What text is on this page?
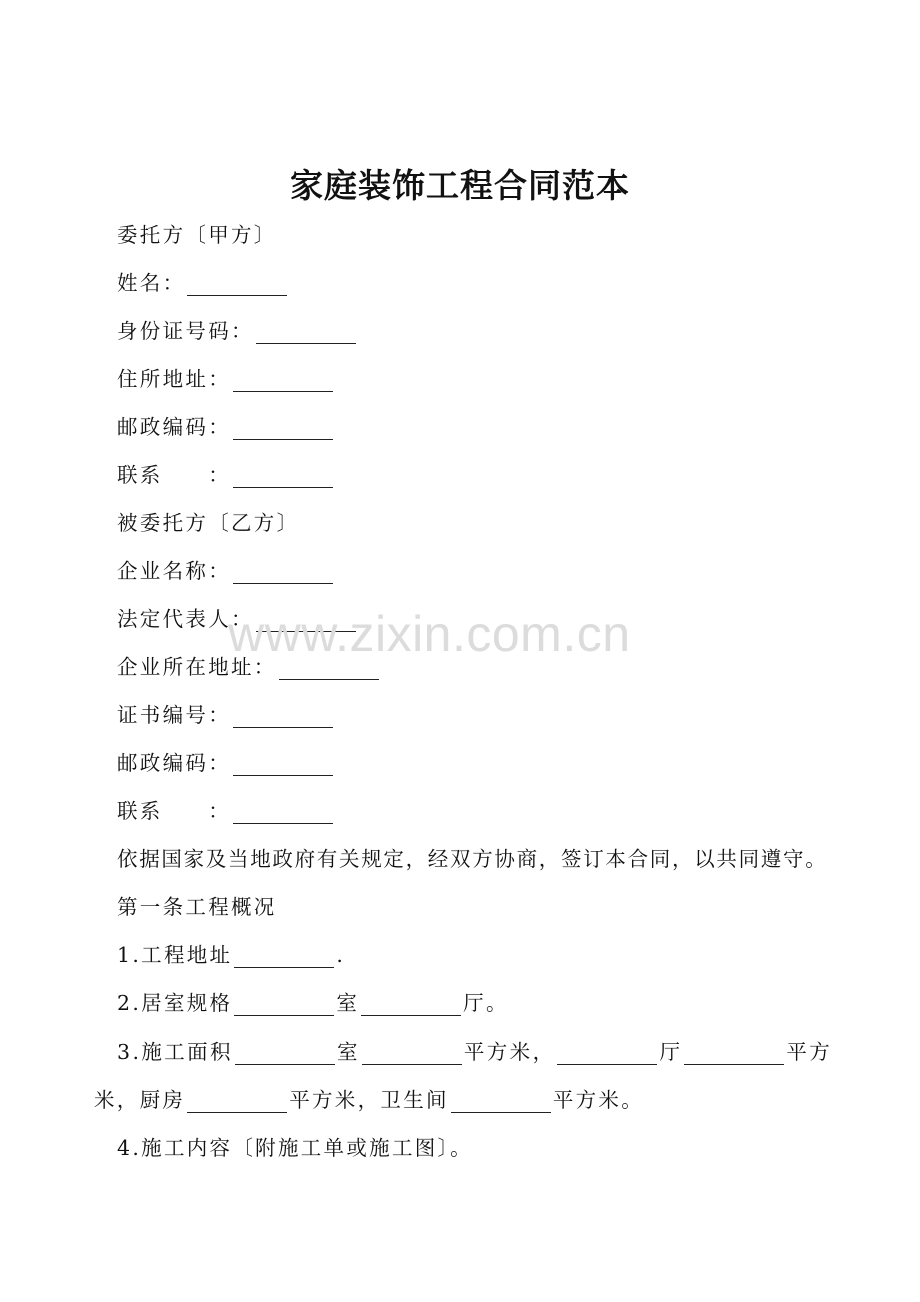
家庭装饰工程合同范本
委托方〔甲方〕
姓名：
身份证号码：
住所地址：
邮政编码：
联系　　：
被委托方〔乙方〕
企业名称：
法定代表人：
企业所在地址：
证书编号：
邮政编码：
联系　　：
依据国家及当地政府有关规定，经双方协商，签订本合同，以共同遵守。
第一条工程概况
1.工程地址	.
2.居室规格	室	厅。
3.施工面积	室	平方米，	厅	平方
米，厨房	平方米，卫生间	平方米。
4.施工内容〔附施工单或施工图〕。
www.zixin.com.cn
